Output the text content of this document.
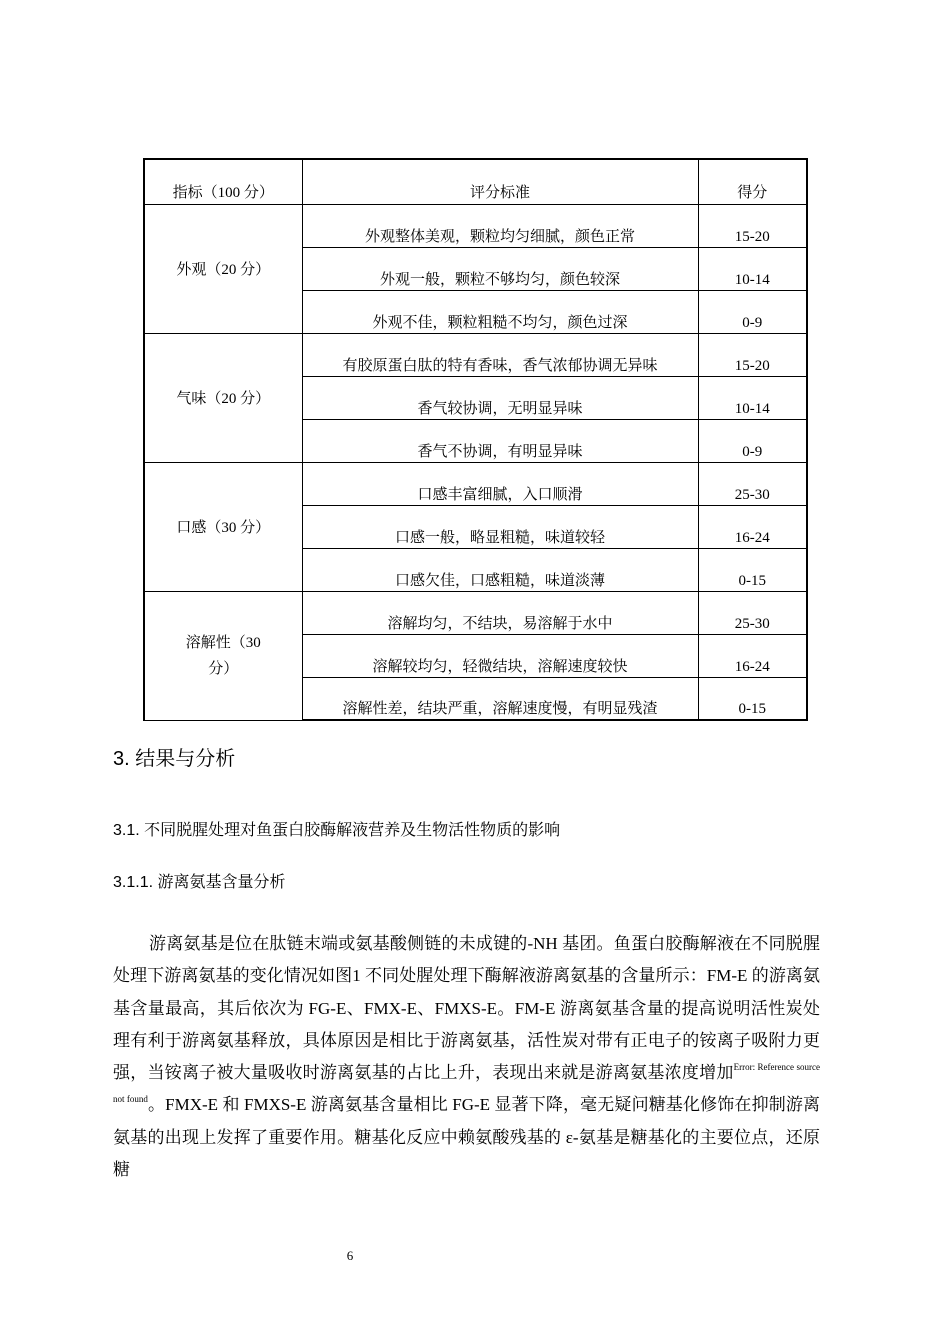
指标（100 分）	评分标准	得分
外观（20 分）	外观整体美观，颗粒均匀细腻，颜色正常	15-20
	外观一般，颗粒不够均匀，颜色较深	10-14
	外观不佳，颗粒粗糙不均匀，颜色过深	0-9
气味（20 分）	有胶原蛋白肽的特有香味，香气浓郁协调无异味	15-20
	香气较协调，无明显异味	10-14
	香气不协调，有明显异味	0-9
口感（30 分）	口感丰富细腻，入口顺滑	25-30
	口感一般，略显粗糙，味道较轻	16-24
	口感欠佳，口感粗糙，味道淡薄	0-15
溶解性（30 分）	溶解均匀，不结块，易溶解于水中	25-30
	溶解较均匀，轻微结块，溶解速度较快	16-24
	溶解性差，结块严重，溶解速度慢，有明显残渣	0-15
3. 结果与分析
3.1. 不同脱腥处理对鱼蛋白胶酶解液营养及生物活性物质的影响
3.1.1. 游离氨基含量分析
游离氨基是位在肽链末端或氨基酸侧链的未成键的-NH 基团。鱼蛋白胶酶解液在不同脱腥处理下游离氨基的变化情况如图1 不同处腥处理下酶解液游离氨基的含量所示：FM-E 的游离氨基含量最高，其后依次为 FG-E、FMX-E、FMXS-E。FM-E 游离氨基含量的提高说明活性炭处理有利于游离氨基释放，具体原因是相比于游离氨基，活性炭对带有正电子的铵离子吸附力更强，当铵离子被大量吸收时游离氨基的占比上升，表现出来就是游离氨基浓度增加$^{Error: Reference source not found}$。FMX-E 和 FMXS-E 游离氨基含量相比 FG-E 显著下降，毫无疑问糖基化修饰在抑制游离氨基的出现上发挥了重要作用。糖基化反应中赖氨酸残基的 ε-氨基是糖基化的主要位点，还原糖
6
